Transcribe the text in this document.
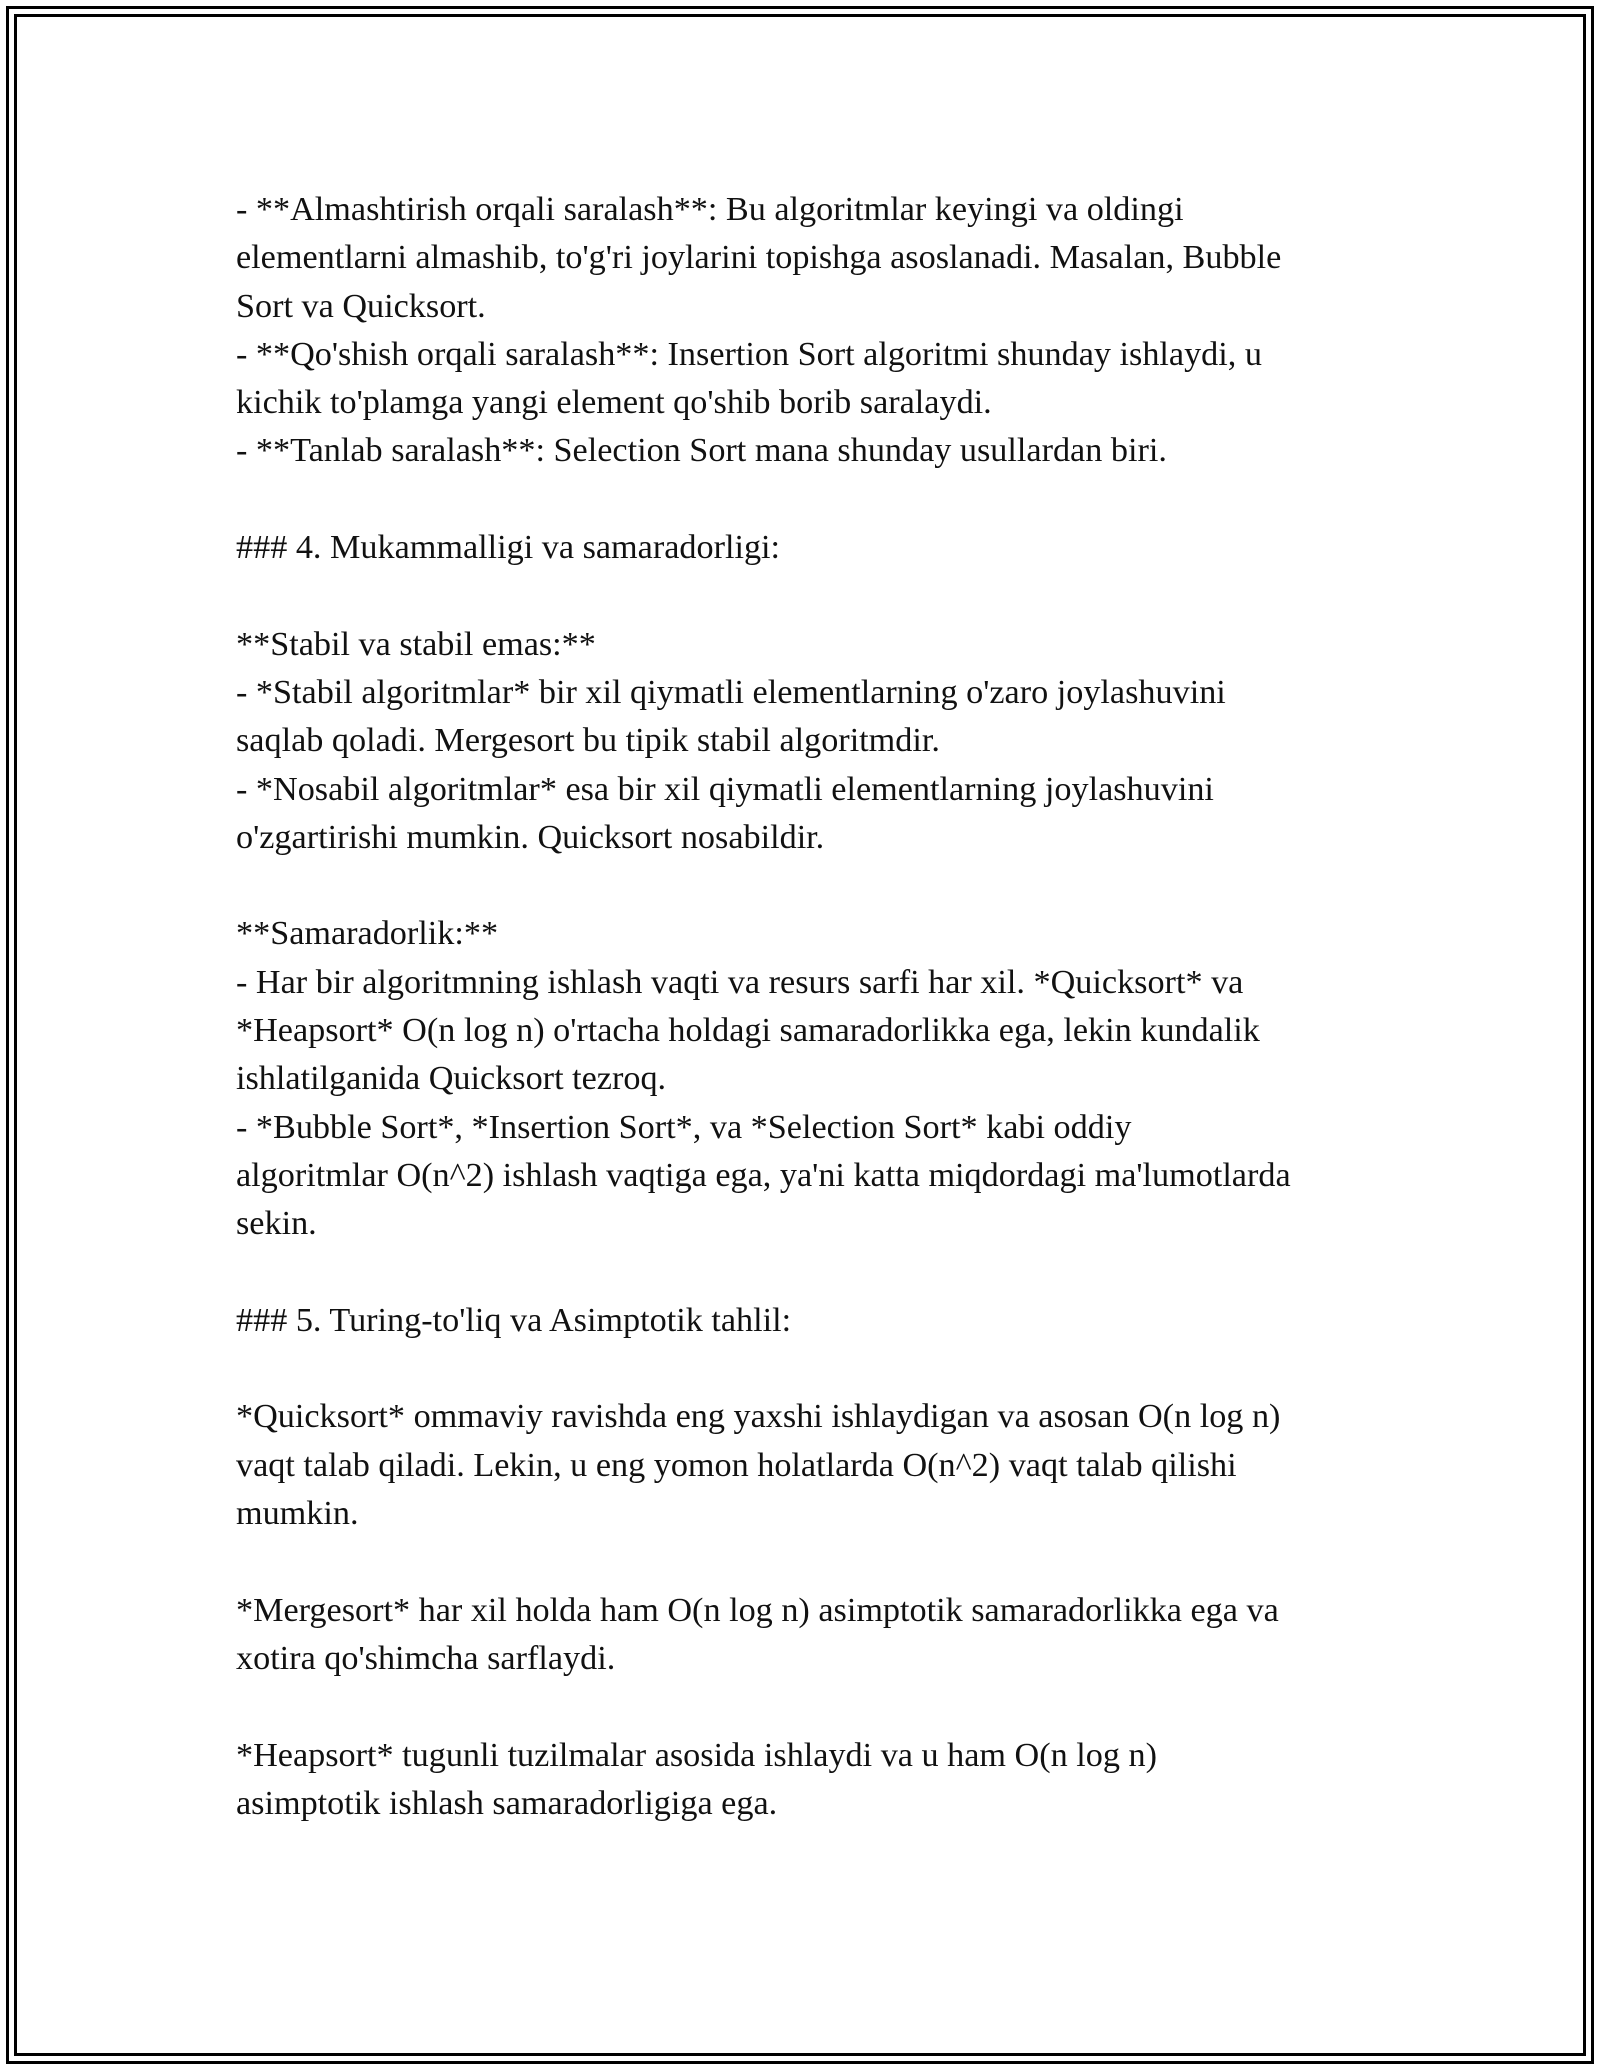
- **Almashtirish orqali saralash**: Bu algoritmlar keyingi va oldingi
elementlarni almashib, to'g'ri joylarini topishga asoslanadi. Masalan, Bubble
Sort va Quicksort.
- **Qo'shish orqali saralash**: Insertion Sort algoritmi shunday ishlaydi, u
kichik to'plamga yangi element qo'shib borib saralaydi.
- **Tanlab saralash**: Selection Sort mana shunday usullardan biri.
### 4. Mukammalligi va samaradorligi:
**Stabil va stabil emas:**
- *Stabil algoritmlar* bir xil qiymatli elementlarning o'zaro joylashuvini
saqlab qoladi. Mergesort bu tipik stabil algoritmdir.
- *Nosabil algoritmlar* esa bir xil qiymatli elementlarning joylashuvini
o'zgartirishi mumkin. Quicksort nosabildir.
**Samaradorlik:**
- Har bir algoritmning ishlash vaqti va resurs sarfi har xil. *Quicksort* va
*Heapsort* O(n log n) o'rtacha holdagi samaradorlikka ega, lekin kundalik
ishlatilganida Quicksort tezroq.
- *Bubble Sort*, *Insertion Sort*, va *Selection Sort* kabi oddiy
algoritmlar O(n^2) ishlash vaqtiga ega, ya'ni katta miqdordagi ma'lumotlarda
sekin.
### 5. Turing-to'liq va Asimptotik tahlil:
*Quicksort* ommaviy ravishda eng yaxshi ishlaydigan va asosan O(n log n)
vaqt talab qiladi. Lekin, u eng yomon holatlarda O(n^2) vaqt talab qilishi
mumkin.
*Mergesort* har xil holda ham O(n log n) asimptotik samaradorlikka ega va
xotira qo'shimcha sarflaydi.
*Heapsort* tugunli tuzilmalar asosida ishlaydi va u ham O(n log n)
asimptotik ishlash samaradorligiga ega.
